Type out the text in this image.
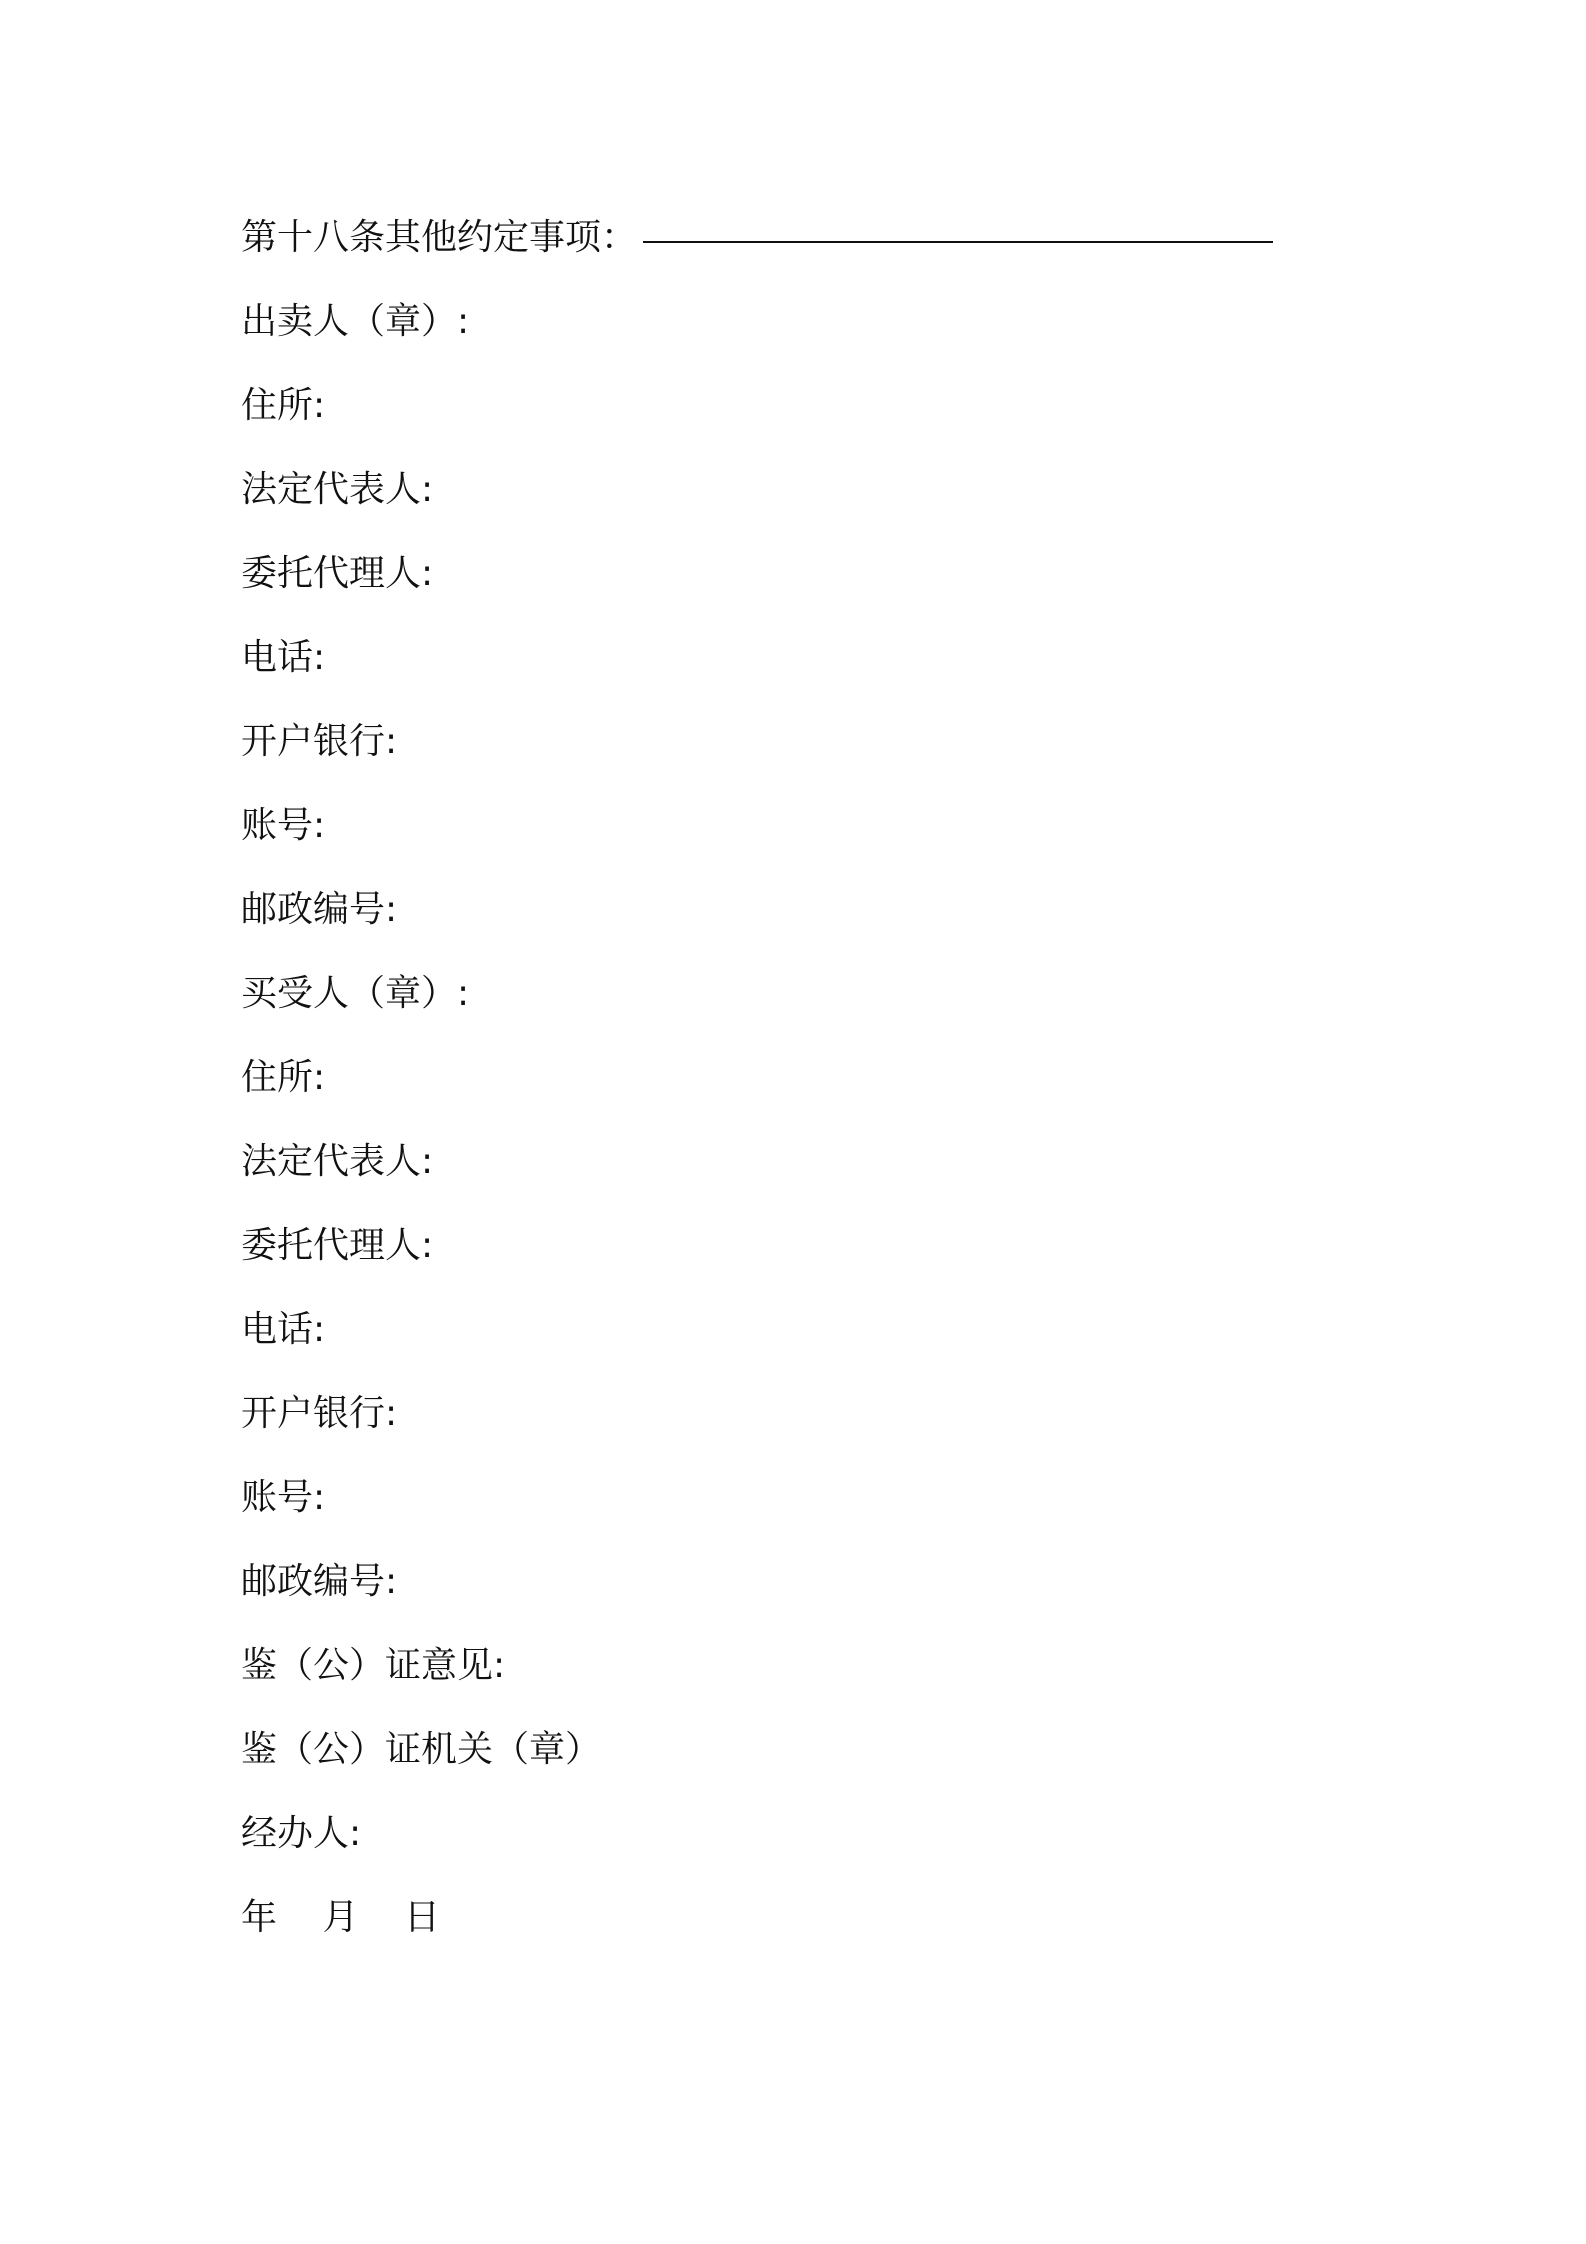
第十八条其他约定事项：
出卖人（章）:
住所:
法定代表人:
委托代理人:
电话:
开户银行:
账号:
邮政编号:
买受人（章）:
住所:
法定代表人:
委托代理人:
电话:
开户银行:
账号:
邮政编号:
鉴（公）证意见:
鉴（公）证机关（章）
经办人:
年 月 日
